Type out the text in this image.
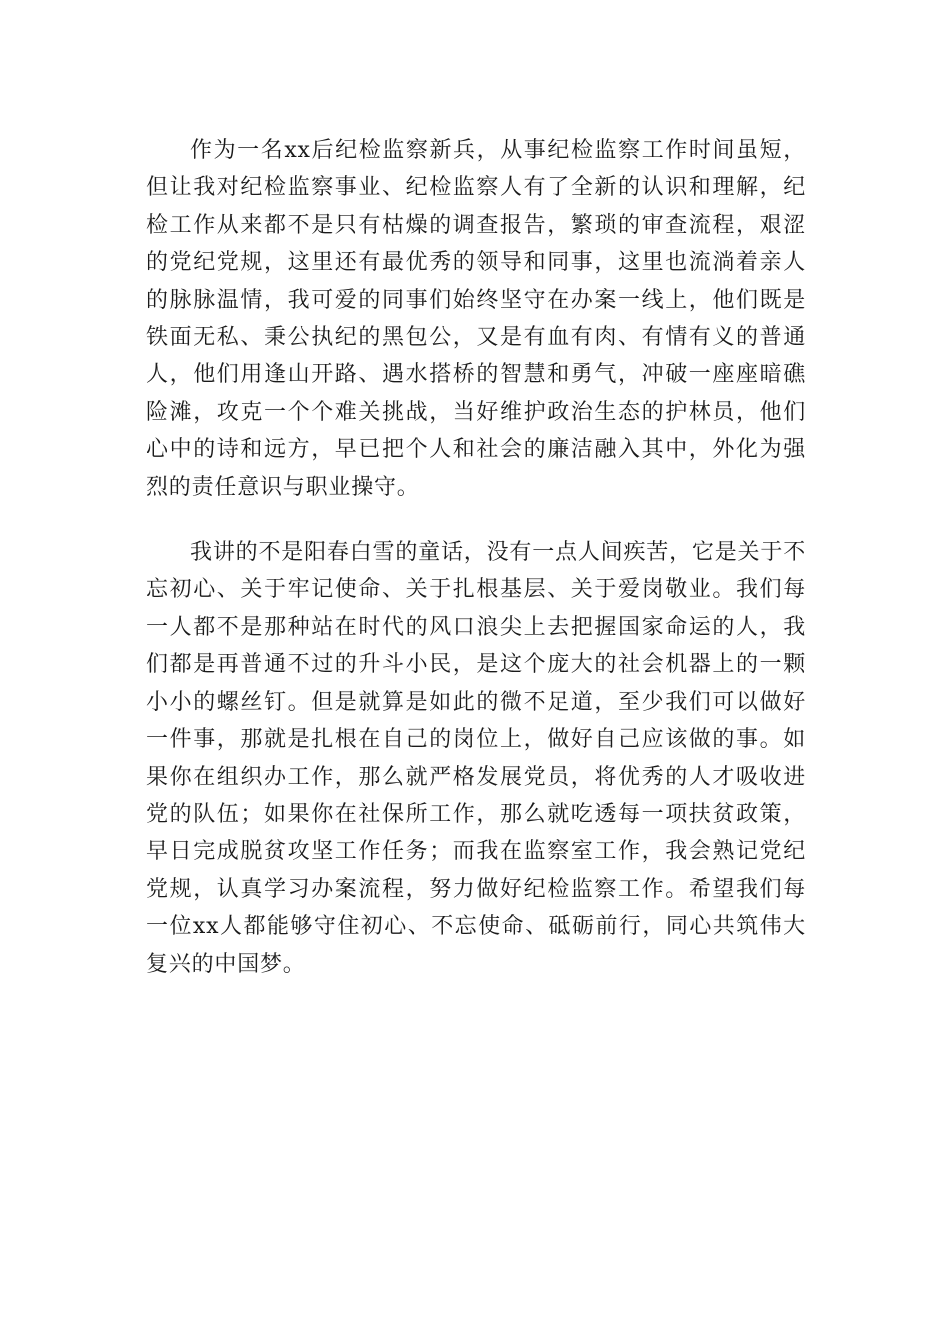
作为一名xx后纪检监察新兵，从事纪检监察工作时间虽短，但让我对纪检监察事业、纪检监察人有了全新的认识和理解，纪检工作从来都不是只有枯燥的调查报告，繁琐的审查流程，艰涩的党纪党规，这里还有最优秀的领导和同事，这里也流淌着亲人的脉脉温情，我可爱的同事们始终坚守在办案一线上，他们既是铁面无私、秉公执纪的黑包公，又是有血有肉、有情有义的普通人，他们用逢山开路、遇水搭桥的智慧和勇气，冲破一座座暗礁险滩，攻克一个个难关挑战，当好维护政治生态的护林员，他们心中的诗和远方，早已把个人和社会的廉洁融入其中，外化为强烈的责任意识与职业操守。

我讲的不是阳春白雪的童话，没有一点人间疾苦，它是关于不忘初心、关于牢记使命、关于扎根基层、关于爱岗敬业。我们每一人都不是那种站在时代的风口浪尖上去把握国家命运的人，我们都是再普通不过的升斗小民，是这个庞大的社会机器上的一颗小小的螺丝钉。但是就算是如此的微不足道，至少我们可以做好一件事，那就是扎根在自己的岗位上，做好自己应该做的事。如果你在组织办工作，那么就严格发展党员，将优秀的人才吸收进党的队伍；如果你在社保所工作，那么就吃透每一项扶贫政策，早日完成脱贫攻坚工作任务；而我在监察室工作，我会熟记党纪党规，认真学习办案流程，努力做好纪检监察工作。希望我们每一位xx人都能够守住初心、不忘使命、砥砺前行，同心共筑伟大复兴的中国梦。
